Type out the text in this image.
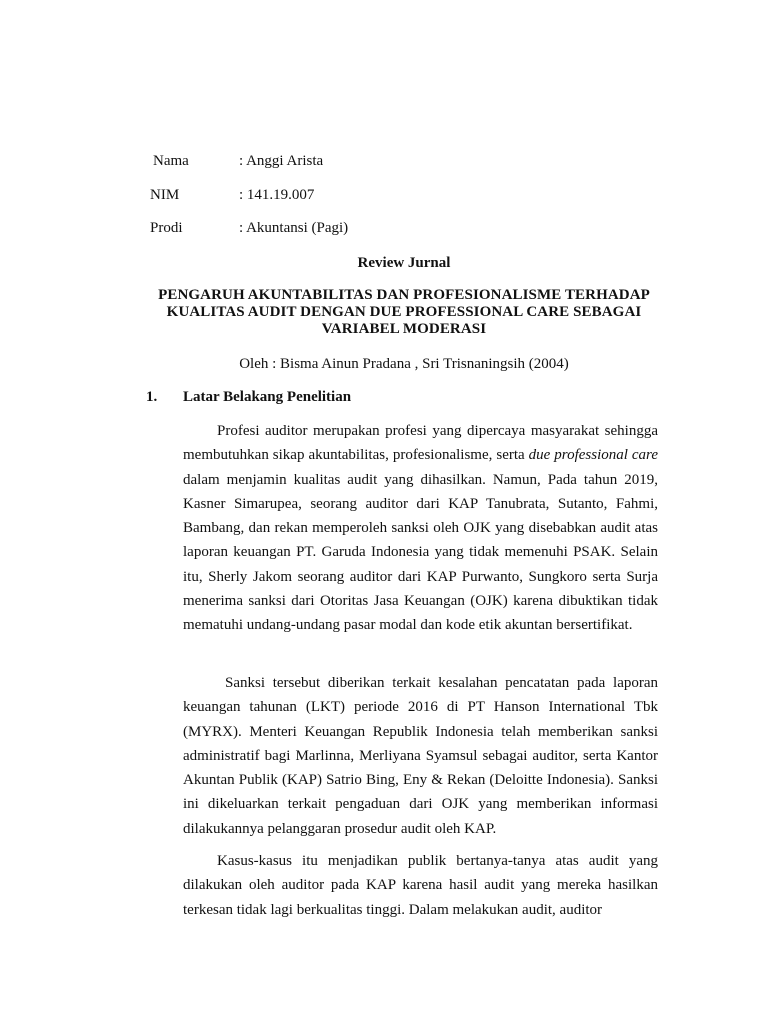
Nama	: Anggi Arista
NIM	: 141.19.007
Prodi	: Akuntansi (Pagi)
Review Jurnal
PENGARUH AKUNTABILITAS DAN PROFESIONALISME TERHADAP
KUALITAS AUDIT DENGAN DUE PROFESSIONAL CARE SEBAGAI
VARIABEL MODERASI
Oleh : Bisma Ainun Pradana , Sri Trisnaningsih (2004)
1. Latar Belakang Penelitian

Profesi auditor merupakan profesi yang dipercaya masyarakat sehingga membutuhkan sikap akuntabilitas, profesionalisme, serta due professional care dalam menjamin kualitas audit yang dihasilkan. Namun, Pada tahun 2019, Kasner Simarupea, seorang auditor dari KAP Tanubrata, Sutanto, Fahmi, Bambang, dan rekan memperoleh sanksi oleh OJK yang disebabkan audit atas laporan keuangan PT. Garuda Indonesia yang tidak memenuhi PSAK. Selain itu, Sherly Jakom seorang auditor dari KAP Purwanto, Sungkoro serta Surja menerima sanksi dari Otoritas Jasa Keuangan (OJK) karena dibuktikan tidak mematuhi undang-undang pasar modal dan kode etik akuntan bersertifikat.

Sanksi tersebut diberikan terkait kesalahan pencatatan pada laporan keuangan tahunan (LKT) periode 2016 di PT Hanson International Tbk (MYRX). Menteri Keuangan Republik Indonesia telah memberikan sanksi administratif bagi Marlinna, Merliyana Syamsul sebagai auditor, serta Kantor Akuntan Publik (KAP) Satrio Bing, Eny & Rekan (Deloitte Indonesia). Sanksi ini dikeluarkan terkait pengaduan dari OJK yang memberikan informasi dilakukannya pelanggaran prosedur audit oleh KAP.

Kasus-kasus itu menjadikan publik bertanya-tanya atas audit yang dilakukan oleh auditor pada KAP karena hasil audit yang mereka hasilkan terkesan tidak lagi berkualitas tinggi. Dalam melakukan audit, auditor
